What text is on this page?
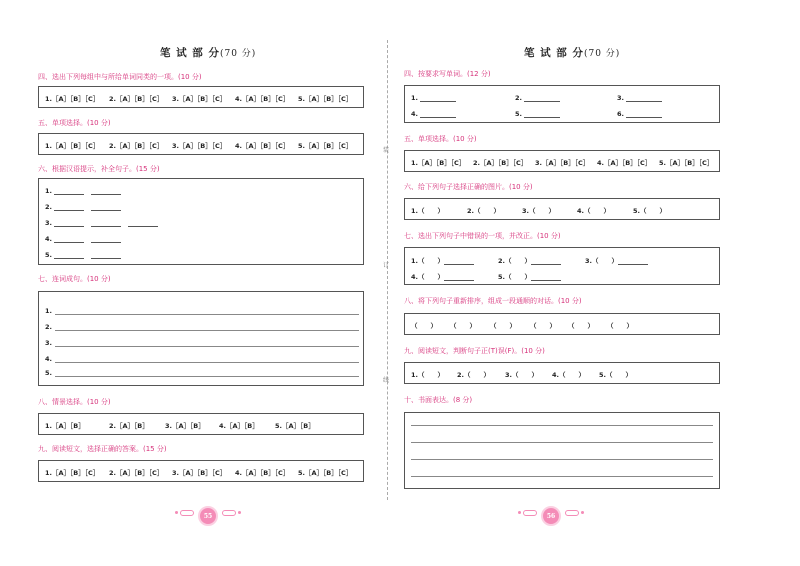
装
订
线
笔 试 部 分(70 分)
四、选出下列每组中与所给单词同类的一项。(10 分)
1.［A］［B］［C］ 2.［A］［B］［C］ 3.［A］［B］［C］ 4.［A］［B］［C］ 5.［A］［B］［C］
五、单项选择。(10 分)
1.［A］［B］［C］ 2.［A］［B］［C］ 3.［A］［B］［C］ 4.［A］［B］［C］ 5.［A］［B］［C］
六、根据汉语提示，补全句子。(15 分)
1.
2.
3.
4.
5.
七、连词成句。(10 分)
1.
2.
3.
4.
5.
八、情景选择。(10 分)
1.［A］［B］	2.［A］［B］	3.［A］［B］ 4.［A］［B］	5.［A］［B］
九、阅读短文，选择正确的答案。(15 分)
1.［A］［B］［C］ 2.［A］［B］［C］ 3.［A］［B］［C］ 4.［A］［B］［C］ 5.［A］［B］［C］
55
笔 试 部 分(70 分)
四、按要求写单词。(12 分)
1.	2.	3.
4.	5.	6.
五、单项选择。(10 分)
1.［A］［B］［C］ 2.［A］［B］［C］ 3.［A］［B］［C］ 4.［A］［B］［C］ 5.［A］［B］［C］
六、给下列句子选择正确的图片。(10 分)
1.（　　）	2.（　　）	3.（　　）	4.（　　）	5.（　　）
七、选出下列句子中错误的一项，并改正。(10 分)
1.（　　）	2.（　　）	3.（　　）
4.（　　）	5.（　　）
八、将下列句子重新排序，组成一段通顺的对话。(10 分)
（　　） （　　） （　　） （　　） （　　） （　　）
九、阅读短文，判断句子正(T)误(F)。(10 分)
1.（　　） 2.（　　） 3.（　　） 4.（　　） 5.（　　）
十、书面表达。(8 分)
56
